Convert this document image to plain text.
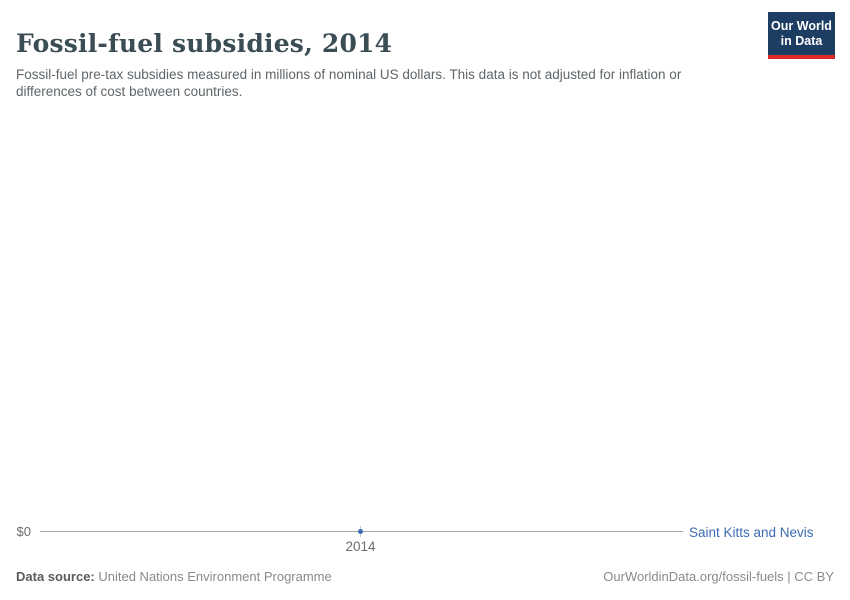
Fossil-fuel subsidies, 2014

Fossil-fuel pre-tax subsidies measured in millions of nominal US dollars. This data is not adjusted for inflation or differences of cost between countries.

Our World
in Data
$0
2014
Saint Kitts and Nevis
Data source: United Nations Environment Programme	OurWorldinData.org/fossil-fuels | CC BY
